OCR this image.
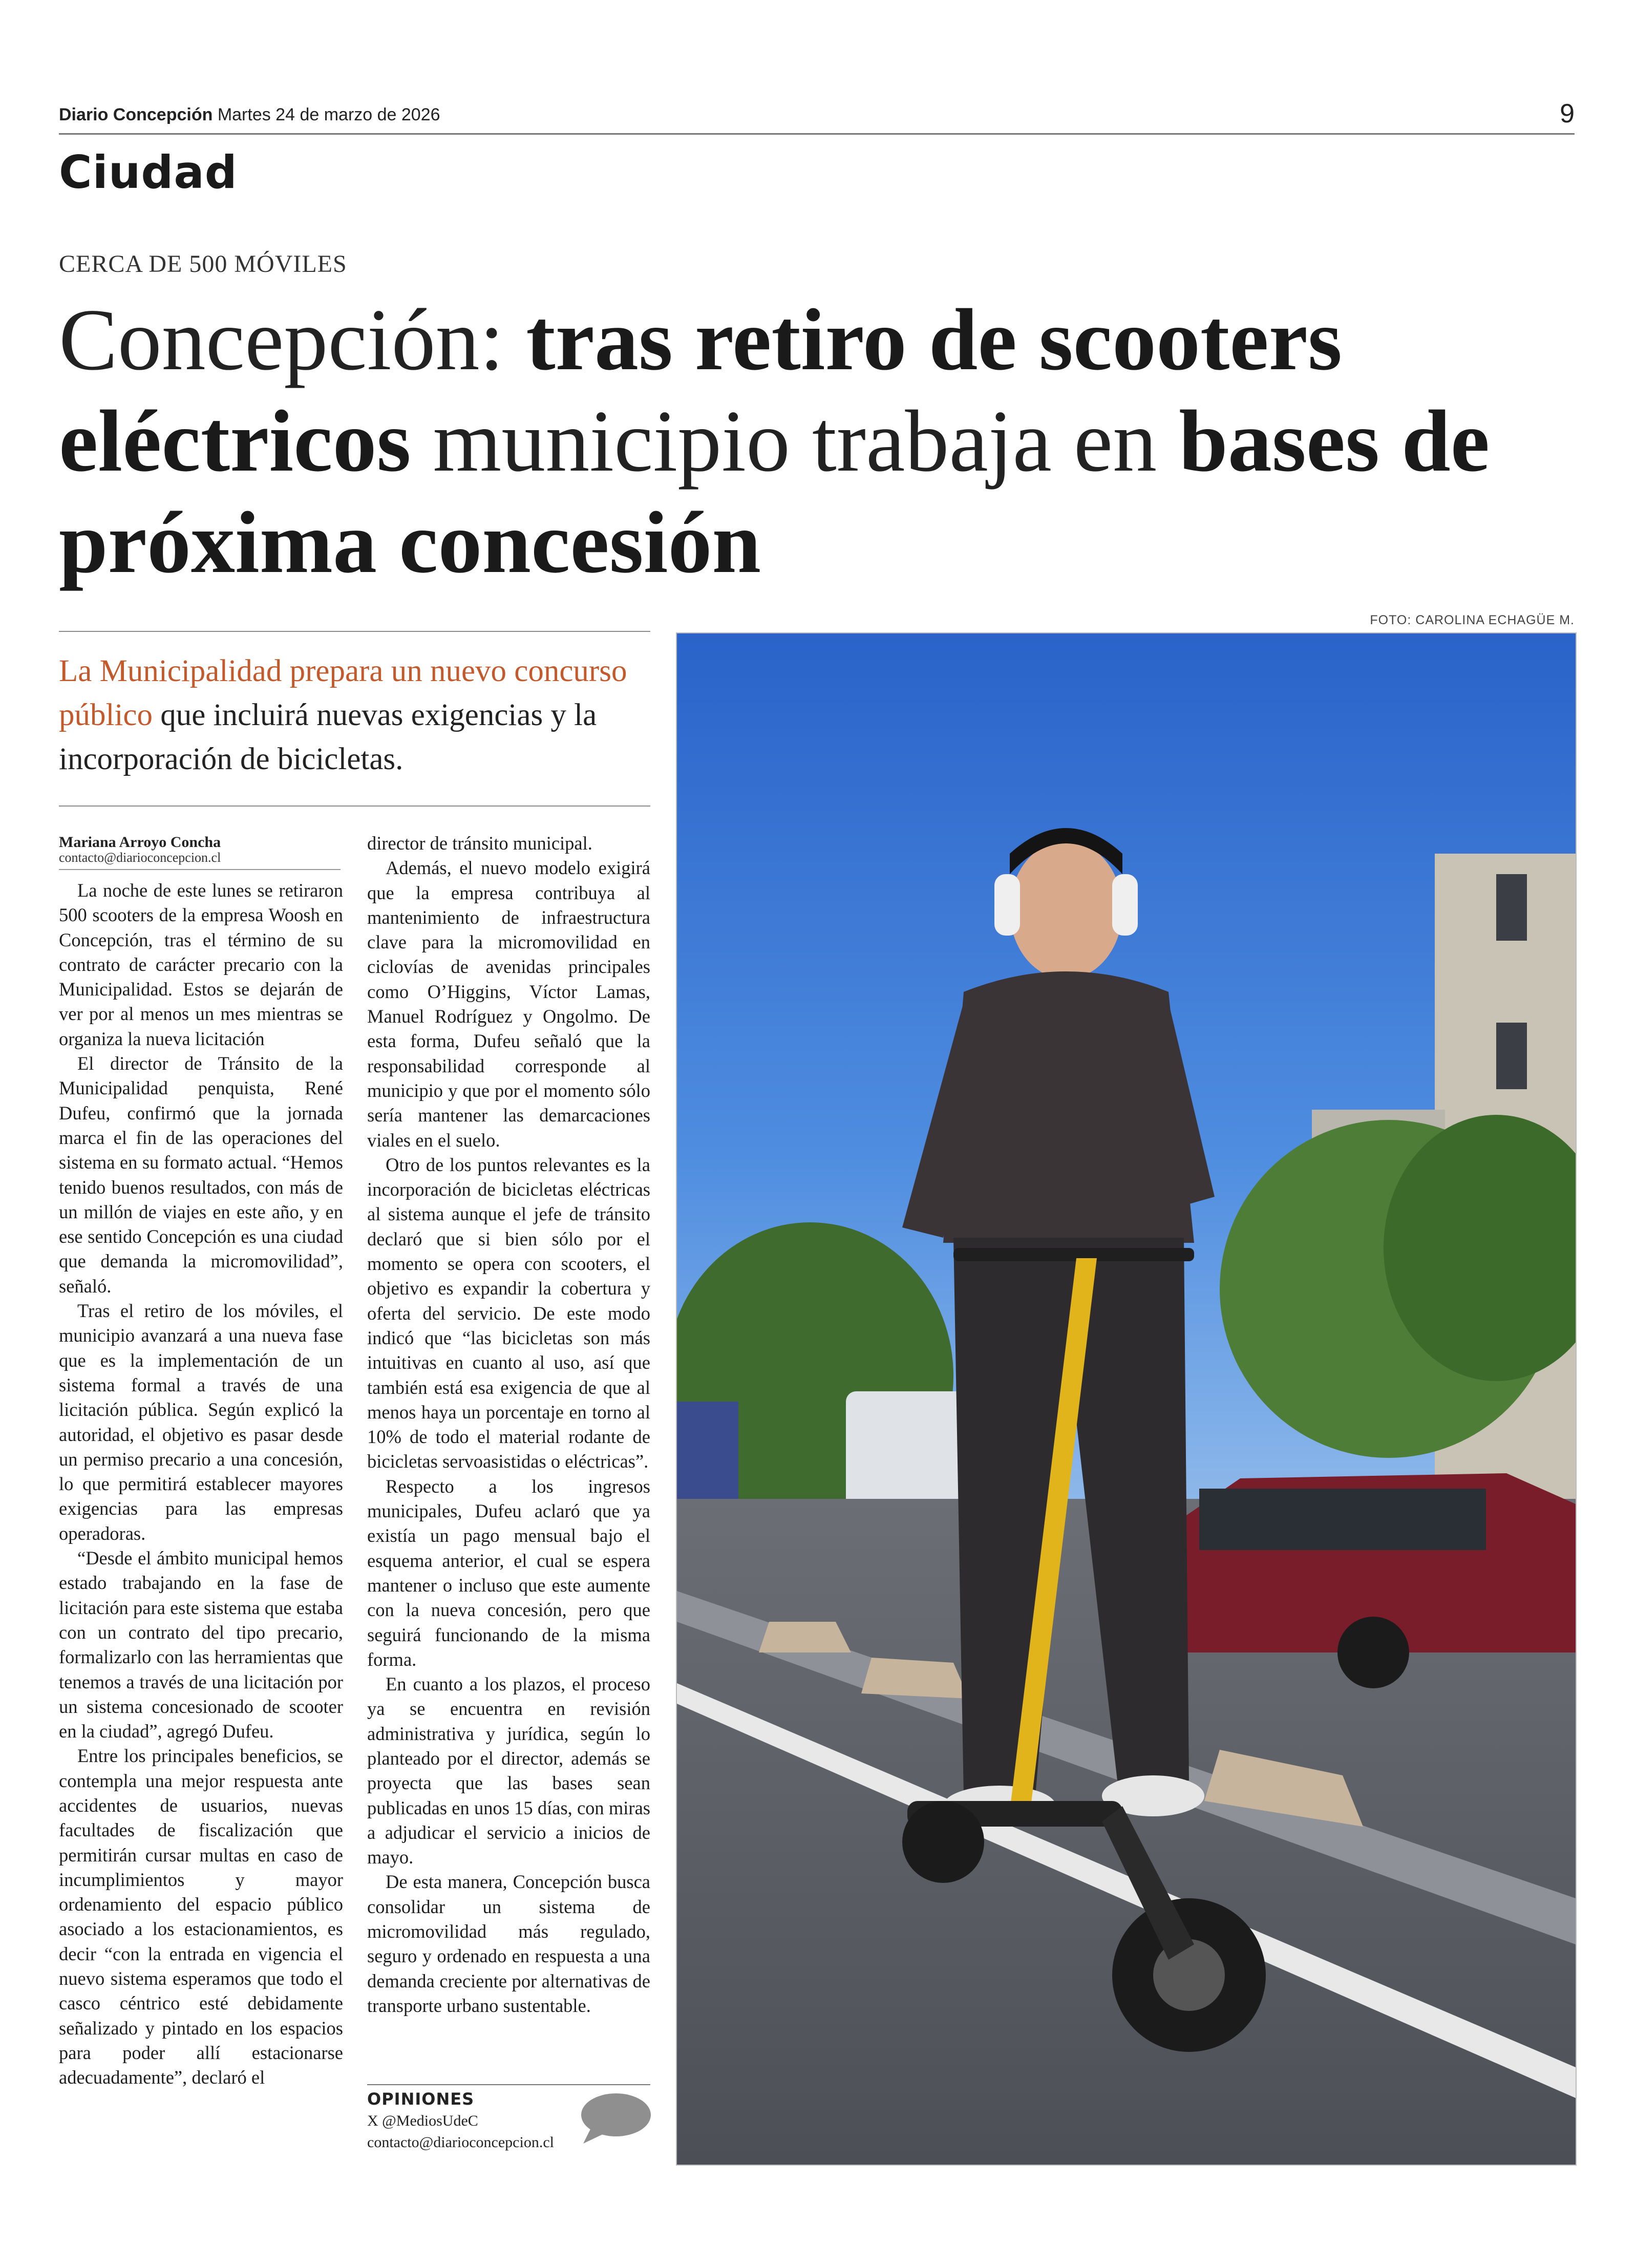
Diario Concepción Martes 24 de marzo de 2026	9
Ciudad
CERCA DE 500 MÓVILES
Concepción: tras retiro de scooters eléctricos municipio trabaja en bases de próxima concesión
La Municipalidad prepara un nuevo concurso público que incluirá nuevas exigencias y la incorporación de bicicletas.
Mariana Arroyo Concha
contacto@diarioconcepcion.cl

La noche de este lunes se retiraron 500 scooters de la empresa Woosh en Concepción, tras el término de su contrato de carácter precario con la Municipalidad. Estos se dejarán de ver por al menos un mes mientras se organiza la nueva licitación

El director de Tránsito de la Municipalidad penquista, René Dufeu, confirmó que la jornada marca el fin de las operaciones del sistema en su formato actual. “Hemos tenido buenos resultados, con más de un millón de viajes en este año, y en ese sentido Concepción es una ciudad que demanda la micromovilidad”, señaló.

Tras el retiro de los móviles, el municipio avanzará a una nueva fase que es la implementación de un sistema formal a través de una licitación pública. Según explicó la autoridad, el objetivo es pasar desde un permiso precario a una concesión, lo que permitirá establecer mayores exigencias para las empresas operadoras.

“Desde el ámbito municipal hemos estado trabajando en la fase de licitación para este sistema que estaba con un contrato del tipo precario, formalizarlo con las herramientas que tenemos a través de una licitación por un sistema concesionado de scooter en la ciudad”, agregó Dufeu.

Entre los principales beneficios, se contempla una mejor respuesta ante accidentes de usuarios, nuevas facultades de fiscalización que permitirán cursar multas en caso de incumplimientos y mayor ordenamiento del espacio público asociado a los estacionamientos, es decir “con la entrada en vigencia el nuevo sistema esperamos que todo el casco céntrico esté debidamente señalizado y pintado en los espacios para poder allí estacionarse adecuadamente”, declaró el

director de tránsito municipal.

Además, el nuevo modelo exigirá que la empresa contribuya al mantenimiento de infraestructura clave para la micromovilidad en ciclovías de avenidas principales como O’Higgins, Víctor Lamas, Manuel Rodríguez y Ongolmo. De esta forma, Dufeu señaló que la responsabilidad corresponde al municipio y que por el momento sólo sería mantener las demarcaciones viales en el suelo.

Otro de los puntos relevantes es la incorporación de bicicletas eléctricas al sistema aunque el jefe de tránsito declaró que si bien sólo por el momento se opera con scooters, el objetivo es expandir la cobertura y oferta del servicio. De este modo indicó que “las bicicletas son más intuitivas en cuanto al uso, así que también está esa exigencia de que al menos haya un porcentaje en torno al 10% de todo el material rodante de bicicletas servoasistidas o eléctricas”.

Respecto a los ingresos municipales, Dufeu aclaró que ya existía un pago mensual bajo el esquema anterior, el cual se espera mantener o incluso que este aumente con la nueva concesión, pero que seguirá funcionando de la misma forma.

En cuanto a los plazos, el proceso ya se encuentra en revisión administrativa y jurídica, según lo planteado por el director, además se proyecta que las bases sean publicadas en unos 15 días, con miras a adjudicar el servicio a inicios de mayo.

De esta manera, Concepción busca consolidar un sistema de micromovilidad más regulado, seguro y ordenado en respuesta a una demanda creciente por alternativas de transporte urbano sustentable.

OPINIONES
X @MediosUdeC
contacto@diarioconcepcion.cl
FOTO: CAROLINA ECHAGÜE M.
